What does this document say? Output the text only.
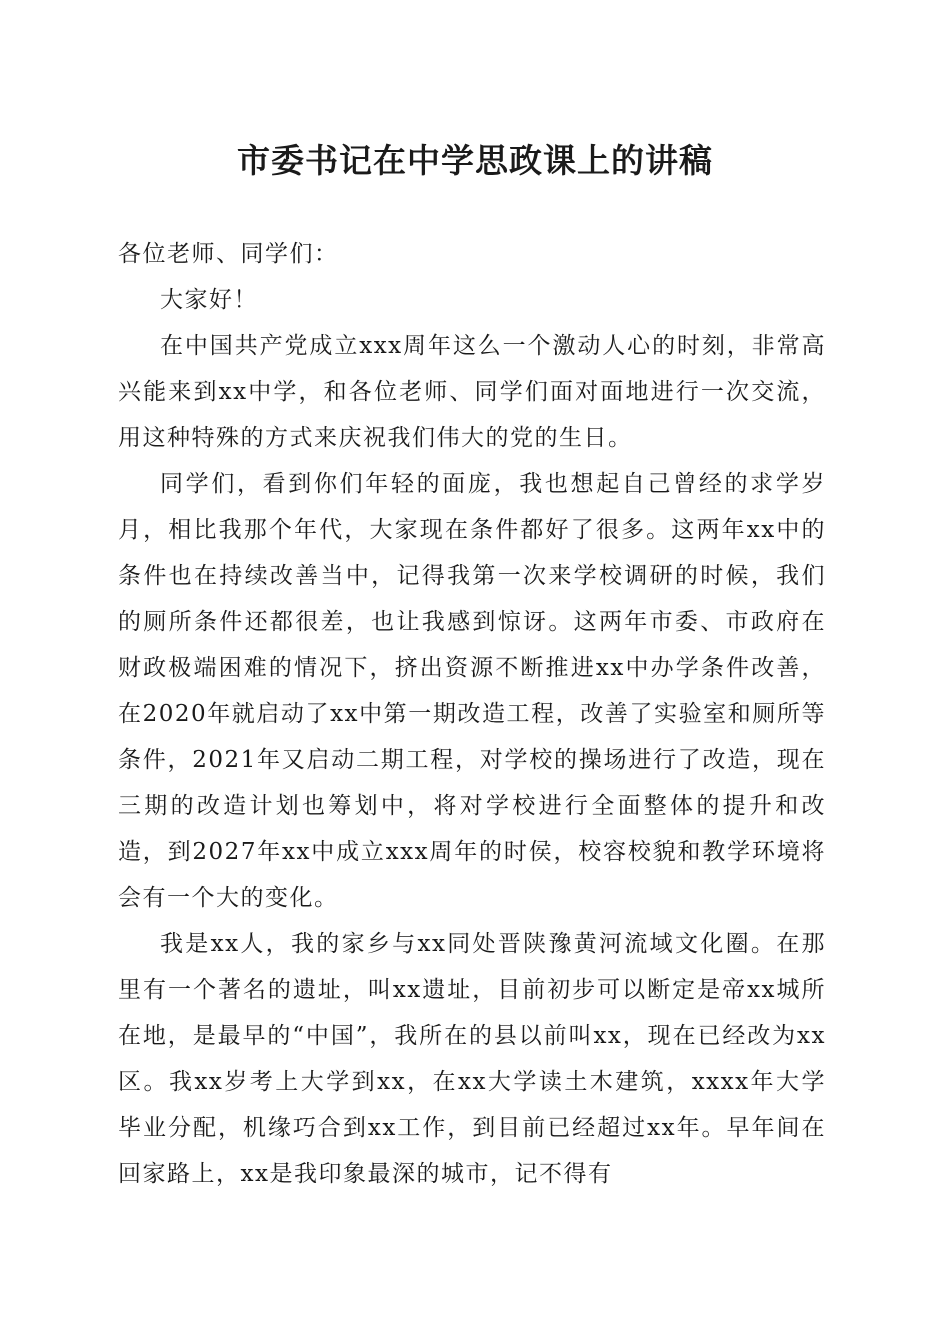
市委书记在中学思政课上的讲稿

各位老师、同学们：

大家好！

在中国共产党成立xxx周年这么一个激动人心的时刻，非常高兴能来到xx中学，和各位老师、同学们面对面地进行一次交流，用这种特殊的方式来庆祝我们伟大的党的生日。

同学们，看到你们年轻的面庞，我也想起自己曾经的求学岁月，相比我那个年代，大家现在条件都好了很多。这两年xx中的条件也在持续改善当中，记得我第一次来学校调研的时候，我们的厕所条件还都很差，也让我感到惊讶。这两年市委、市政府在财政极端困难的情况下，挤出资源不断推进xx中办学条件改善，在2020年就启动了xx中第一期改造工程，改善了实验室和厕所等条件，2021年又启动二期工程，对学校的操场进行了改造，现在三期的改造计划也筹划中，将对学校进行全面整体的提升和改造，到2027年xx中成立xxx周年的时侯，校容校貌和教学环境将会有一个大的变化。

我是xx人，我的家乡与xx同处晋陕豫黄河流域文化圈。在那里有一个著名的遗址，叫xx遗址，目前初步可以断定是帝xx城所在地，是最早的“中国”，我所在的县以前叫xx，现在已经改为xx区。我xx岁考上大学到xx，在xx大学读土木建筑，xxxx年大学毕业分配，机缘巧合到xx工作，到目前已经超过xx年。早年间在回家路上，xx是我印象最深的城市，记不得有
